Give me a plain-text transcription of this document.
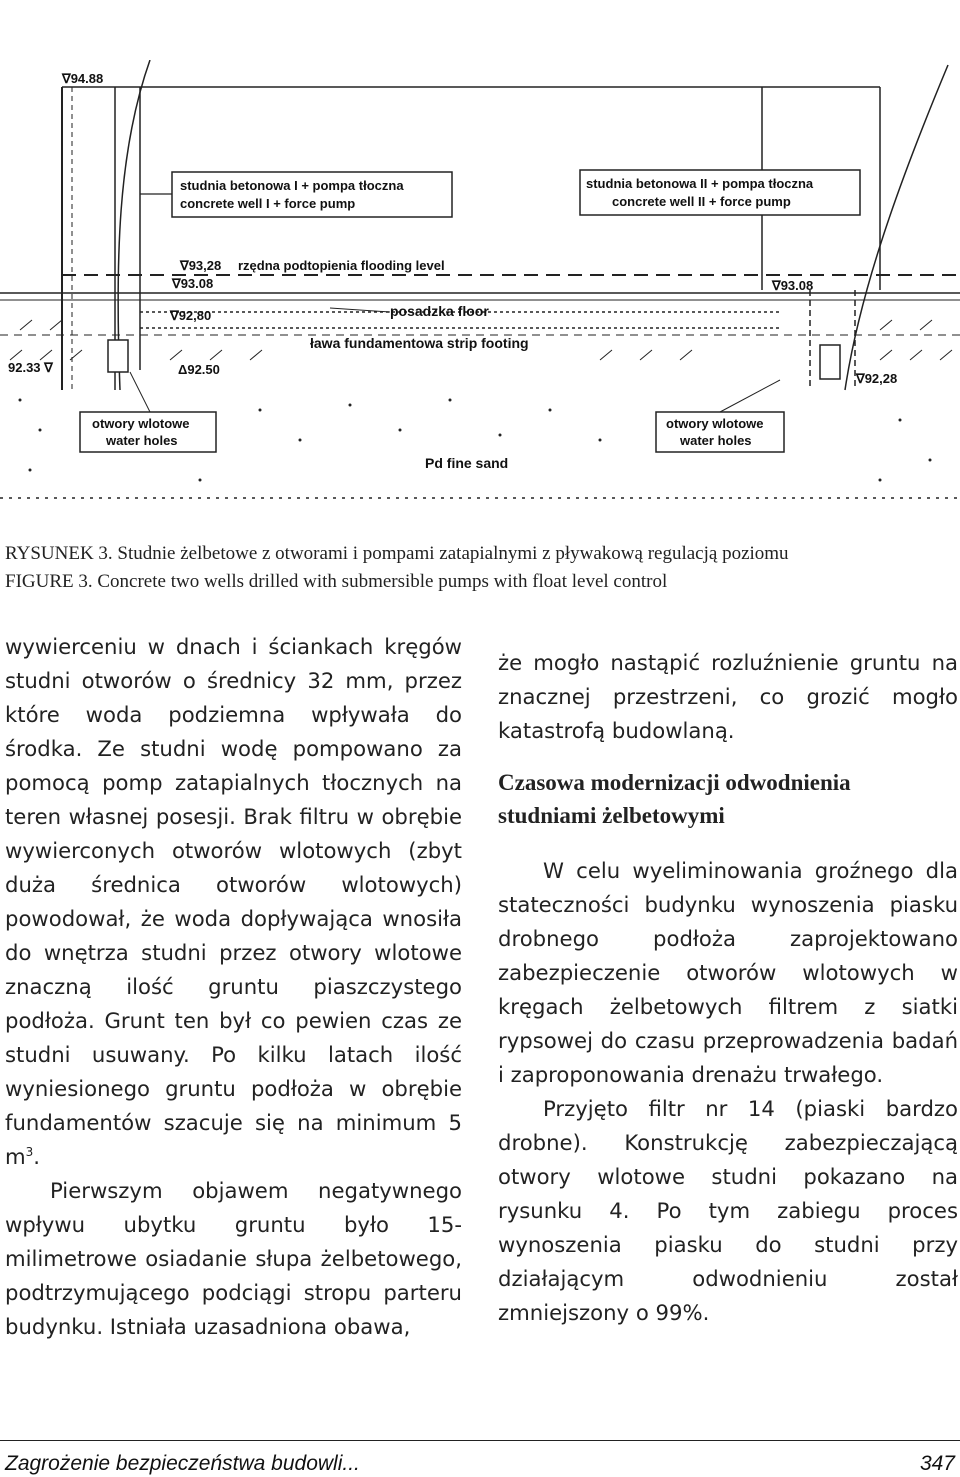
∇94.88
studnia betonowa I + pompa tłoczna
concrete well I + force pump
studnia betonowa II + pompa tłoczna
concrete well II + force pump
∇93,28 rzędna podtopienia flooding level
∇93.08	∇93.08
∇92,80	posadzka floor
ława fundamentowa strip footing
92.33 ∇	Δ92.50
∇92,28
otwory wlotowe
water holes
otwory wlotowe
water holes
Pd fine sand
RYSUNEK 3. Studnie żelbetowe z otworami i pompami zatapialnymi z pływakową regulacją poziomu
FIGURE 3. Concrete two wells drilled with submersible pumps with float level control

wywierceniu w dnach i ściankach kręgów studni otworów o średnicy 32 mm, przez które woda podziemna wpływała do środka. Ze studni wodę pompowano za pomocą pomp zatapialnych tłocznych na teren własnej posesji. Brak filtru w obrębie wywierconych otworów wlotowych (zbyt duża średnica otworów wlotowych) powodował, że woda dopływająca wnosiła do wnętrza studni przez otwory wlotowe znaczną ilość gruntu piaszczystego podłoża. Grunt ten był co pewien czas ze studni usuwany. Po kilku latach ilość wyniesionego gruntu podłoża w obrębie fundamentów szacuje się na minimum 5 $m^3$.

Pierwszym objawem negatywnego wpływu ubytku gruntu było 15-milimetrowe osiadanie słupa żelbetowego, podtrzymującego podciągi stropu parteru budynku. Istniała uzasadniona obawa,

że mogło nastąpić rozluźnienie gruntu na znacznej przestrzeni, co grozić mogło katastrofą budowlaną.

Czasowa modernizacji odwodnienia
studniami żelbetowymi

W celu wyeliminowania groźnego dla stateczności budynku wynoszenia piasku drobnego podłoża zaprojektowano zabezpieczenie otworów wlotowych w kręgach żelbetowych filtrem z siatki rypsowej do czasu przeprowadzenia badań i zaproponowania drenażu trwałego.

Przyjęto filtr nr 14 (piaski bardzo drobne). Konstrukcję zabezpieczającą otwory wlotowe studni pokazano na rysunku 4. Po tym zabiegu proces wynoszenia piasku do studni przy działającym odwodnieniu został zmniejszony o 99%.

Zagrożenie bezpieczeństwa budowli...	347
